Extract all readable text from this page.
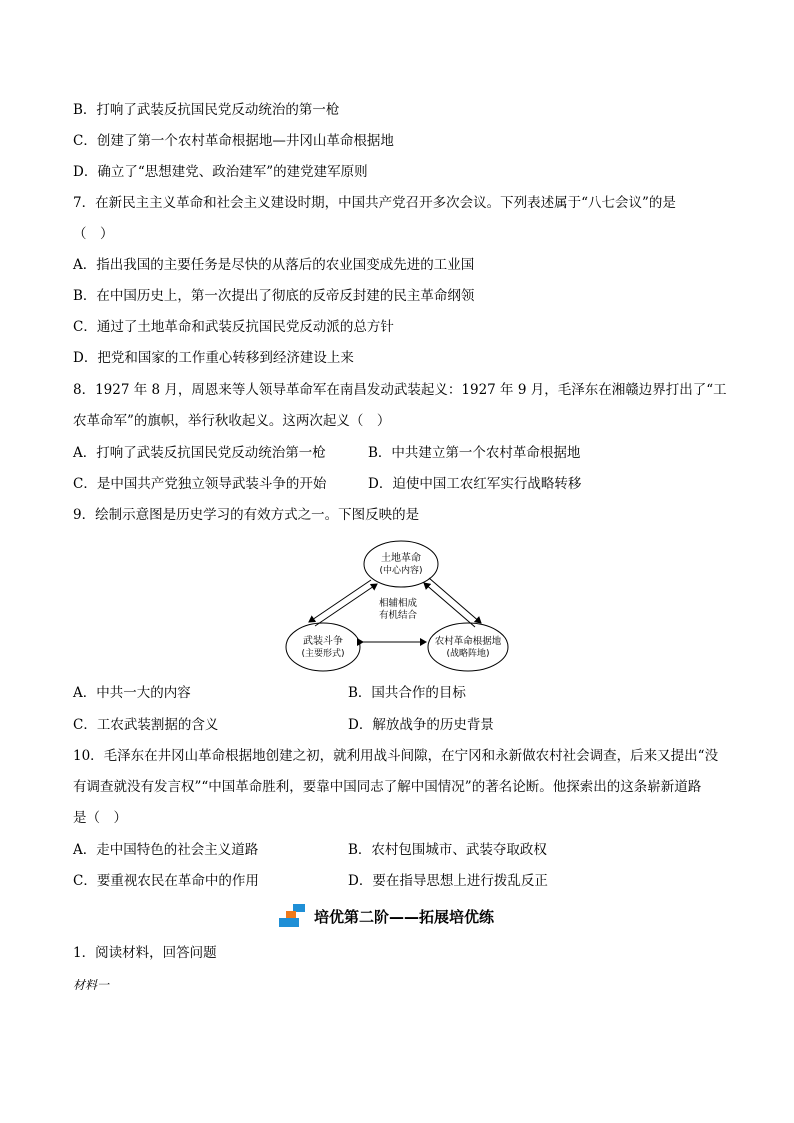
B．打响了武装反抗国民党反动统治的第一枪
C．创建了第一个农村革命根据地—井冈山革命根据地
D．确立了“思想建党、政治建军”的建党建军原则
7．在新民主主义革命和社会主义建设时期，中国共产党召开多次会议。下列表述属于“八七会议”的是
（　）
A．指出我国的主要任务是尽快的从落后的农业国变成先进的工业国
B．在中国历史上，第一次提出了彻底的反帝反封建的民主革命纲领
C．通过了土地革命和武装反抗国民党反动派的总方针
D．把党和国家的工作重心转移到经济建设上来
8．1927 年 8 月，周恩来等人领导革命军在南昌发动武装起义：1927 年 9 月，毛泽东在湘赣边界打出了“工
农革命军”的旗帜，举行秋收起义。这两次起义（　）
A．打响了武装反抗国民党反动统治第一枪	B．中共建立第一个农村革命根据地
C．是中国共产党独立领导武装斗争的开始	D．迫使中国工农红军实行战略转移
9．绘制示意图是历史学习的有效方式之一。下图反映的是
土地革命
(中心内容)
武装斗争
(主要形式)
农村革命根据地
(战略阵地)
相辅相成
有机结合
A．中共一大的内容	B．国共合作的目标
C．工农武装割据的含义	D．解放战争的历史背景
10．毛泽东在井冈山革命根据地创建之初，就利用战斗间隙，在宁冈和永新做农村社会调查，后来又提出“没
有调查就没有发言权”“中国革命胜利，要靠中国同志了解中国情况”的著名论断。他探索出的这条崭新道路
是（　）
A．走中国特色的社会主义道路	B．农村包围城市、武装夺取政权
C．要重视农民在革命中的作用	D．要在指导思想上进行拨乱反正
培优第二阶——拓展培优练
1．阅读材料，回答问题
材料一
